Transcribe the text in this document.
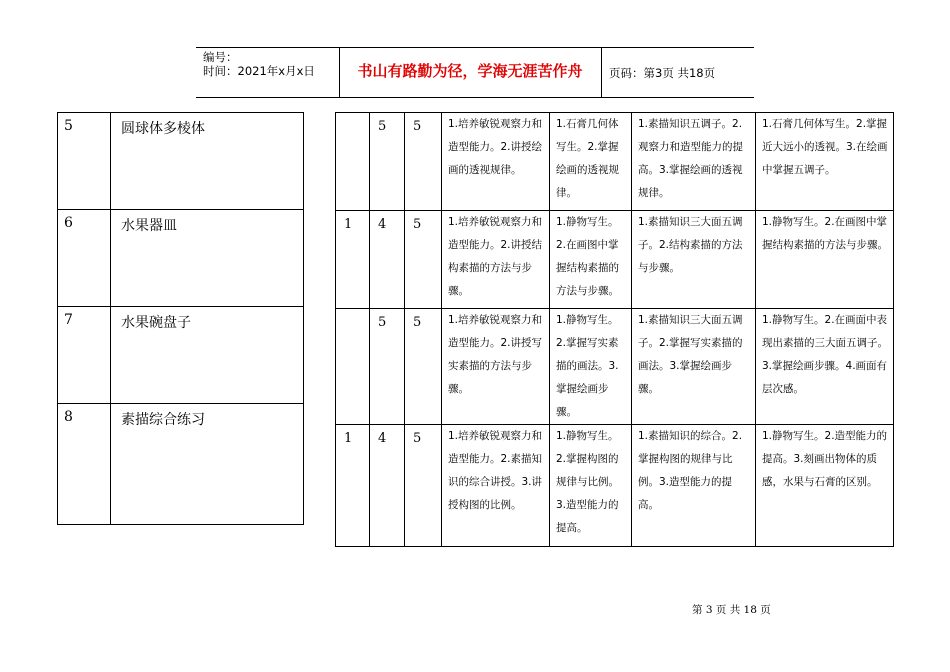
编号：
时间：2021年x月x日	书山有路勤为径，学海无涯苦作舟	页码：第3页 共18页
5	圆球体多棱体
6	水果器皿
7	水果碗盘子
8	素描综合练习
	5	5	1.培养敏锐观察力和造型能力。2.讲授绘画的透视规律。	1.石膏几何体写生。2.掌握绘画的透视规律。	1.素描知识五调子。2.观察力和造型能力的提高。3.掌握绘画的透视规律。	1.石膏几何体写生。2.掌握近大远小的透视。3.在绘画中掌握五调子。
1	4	5	1.培养敏锐观察力和造型能力。2.讲授结构素描的方法与步骤。	1.静物写生。2.在画图中掌握结构素描的方法与步骤。	1.素描知识三大面五调子。2.结构素描的方法与步骤。	1.静物写生。2.在画图中掌握结构素描的方法与步骤。
	5	5	1.培养敏锐观察力和造型能力。2.讲授写实素描的方法与步骤。	1.静物写生。2.掌握写实素描的画法。3.掌握绘画步骤。	1.素描知识三大面五调子。2.掌握写实素描的画法。3.掌握绘画步骤。	1.静物写生。2.在画面中表现出素描的三大面五调子。3.掌握绘画步骤。4.画面有层次感。
1	4	5	1.培养敏锐观察力和造型能力。2.素描知识的综合讲授。3.讲授构图的比例。	1.静物写生。2.掌握构图的规律与比例。3.造型能力的提高。	1.素描知识的综合。2.掌握构图的规律与比例。3.造型能力的提高。	1.静物写生。2.造型能力的提高。3.刻画出物体的质感，水果与石膏的区别。
第 3 页 共 18 页
